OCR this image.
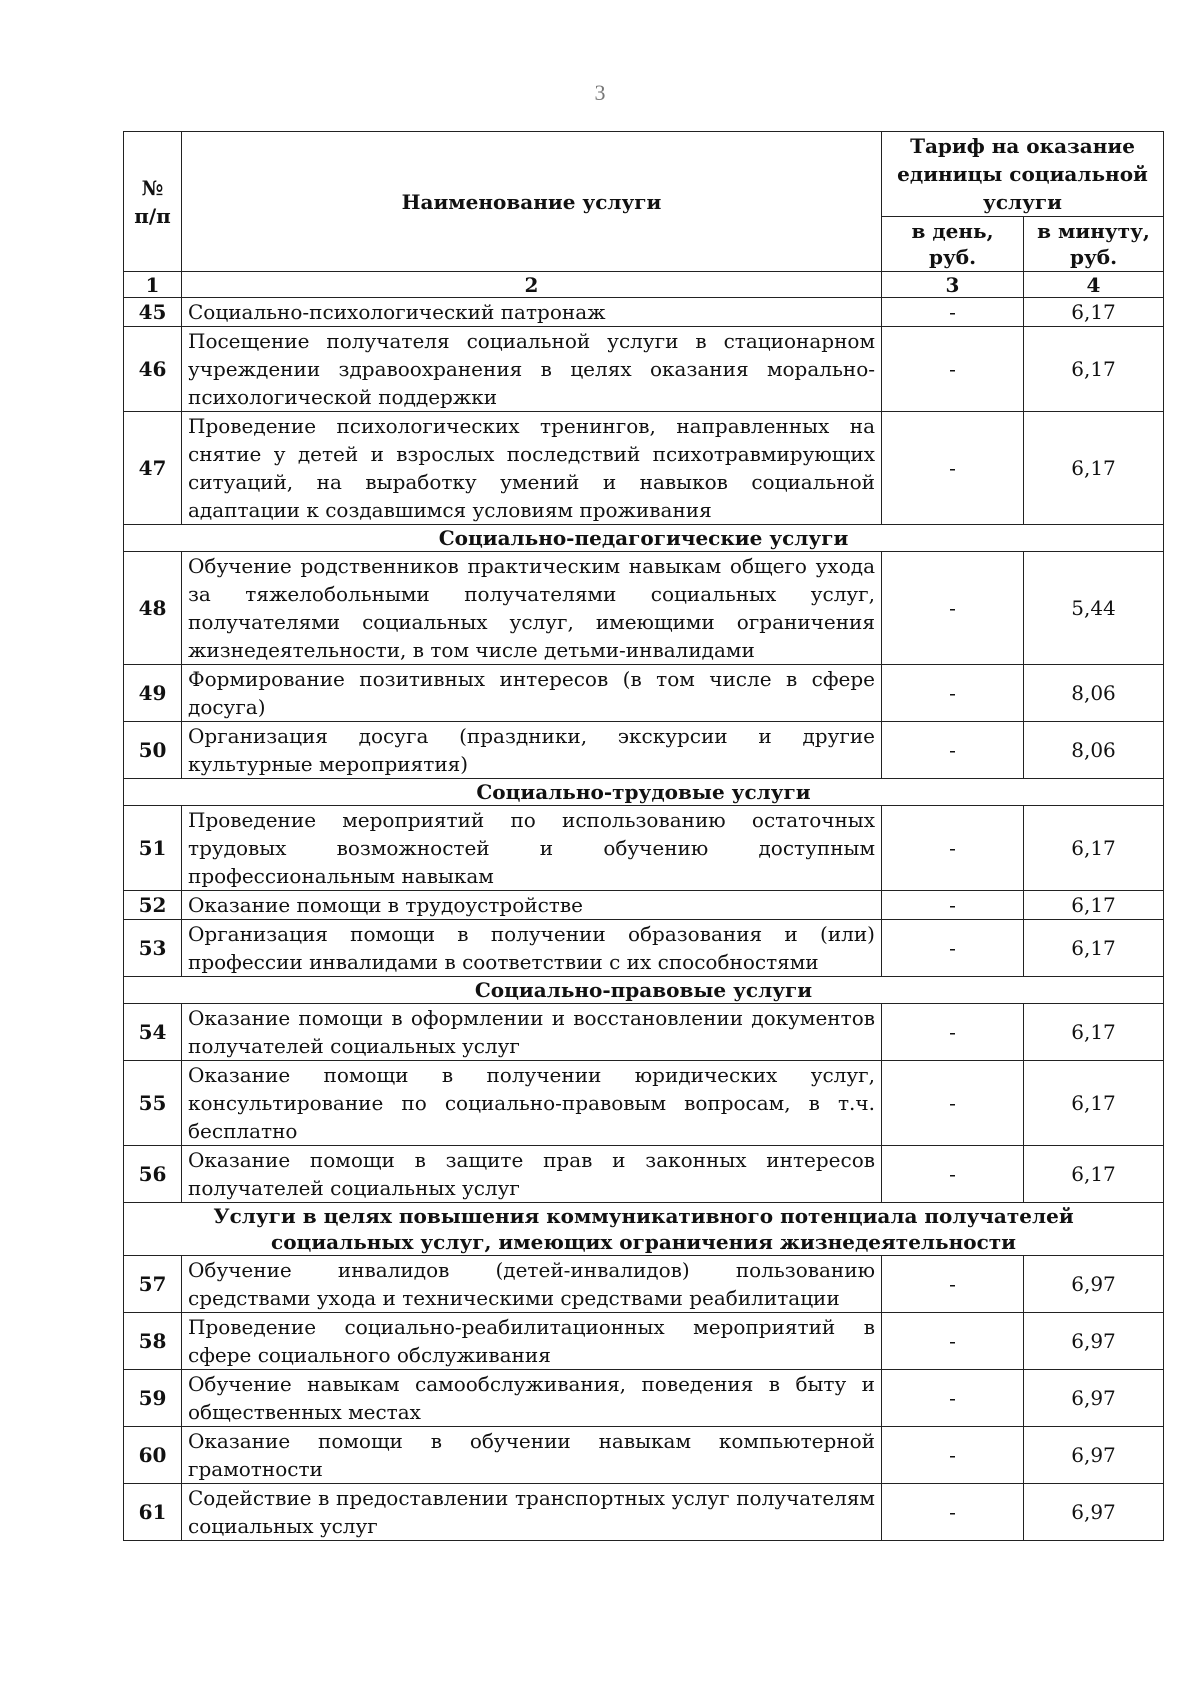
3
№ п/п	Наименование услуги	Тариф на оказание единицы социальной услуги	
		в день, руб.	в минуту, руб.
1	2	3	4
45	Социально-психологический патронаж	-	6,17
46	Посещение получателя социальной услуги в стационарном учреждении здравоохранения в целях оказания морально-психологической поддержки	-	6,17
47	Проведение психологических тренингов, направленных на снятие у детей и взрослых последствий психотравмирующих ситуаций, на выработку умений и навыков социальной адаптации к создавшимся условиям проживания	-	6,17
Социально-педагогические услуги			
48	Обучение родственников практическим навыкам общего ухода за тяжелобольными получателями социальных услуг, получателями социальных услуг, имеющими ограничения жизнедеятельности, в том числе детьми-инвалидами	-	5,44
49	Формирование позитивных интересов (в том числе в сфере досуга)	-	8,06
50	Организация досуга (праздники, экскурсии и другие культурные мероприятия)	-	8,06
Социально-трудовые услуги			
51	Проведение мероприятий по использованию остаточных трудовых возможностей и обучению доступным профессиональным навыкам	-	6,17
52	Оказание помощи в трудоустройстве	-	6,17
53	Организация помощи в получении образования и (или) профессии инвалидами в соответствии с их способностями	-	6,17
Социально-правовые услуги			
54	Оказание помощи в оформлении и восстановлении документов получателей социальных услуг	-	6,17
55	Оказание помощи в получении юридических услуг, консультирование по социально-правовым вопросам, в т.ч. бесплатно	-	6,17
56	Оказание помощи в защите прав и законных интересов получателей социальных услуг	-	6,17
Услуги в целях повышения коммуникативного потенциала получателей социальных услуг, имеющих ограничения жизнедеятельности			
57	Обучение инвалидов (детей-инвалидов) пользованию средствами ухода и техническими средствами реабилитации	-	6,97
58	Проведение социально-реабилитационных мероприятий в сфере социального обслуживания	-	6,97
59	Обучение навыкам самообслуживания, поведения в быту и общественных местах	-	6,97
60	Оказание помощи в обучении навыкам компьютерной грамотности	-	6,97
61	Содействие в предоставлении транспортных услуг получателям социальных услуг	-	6,97
